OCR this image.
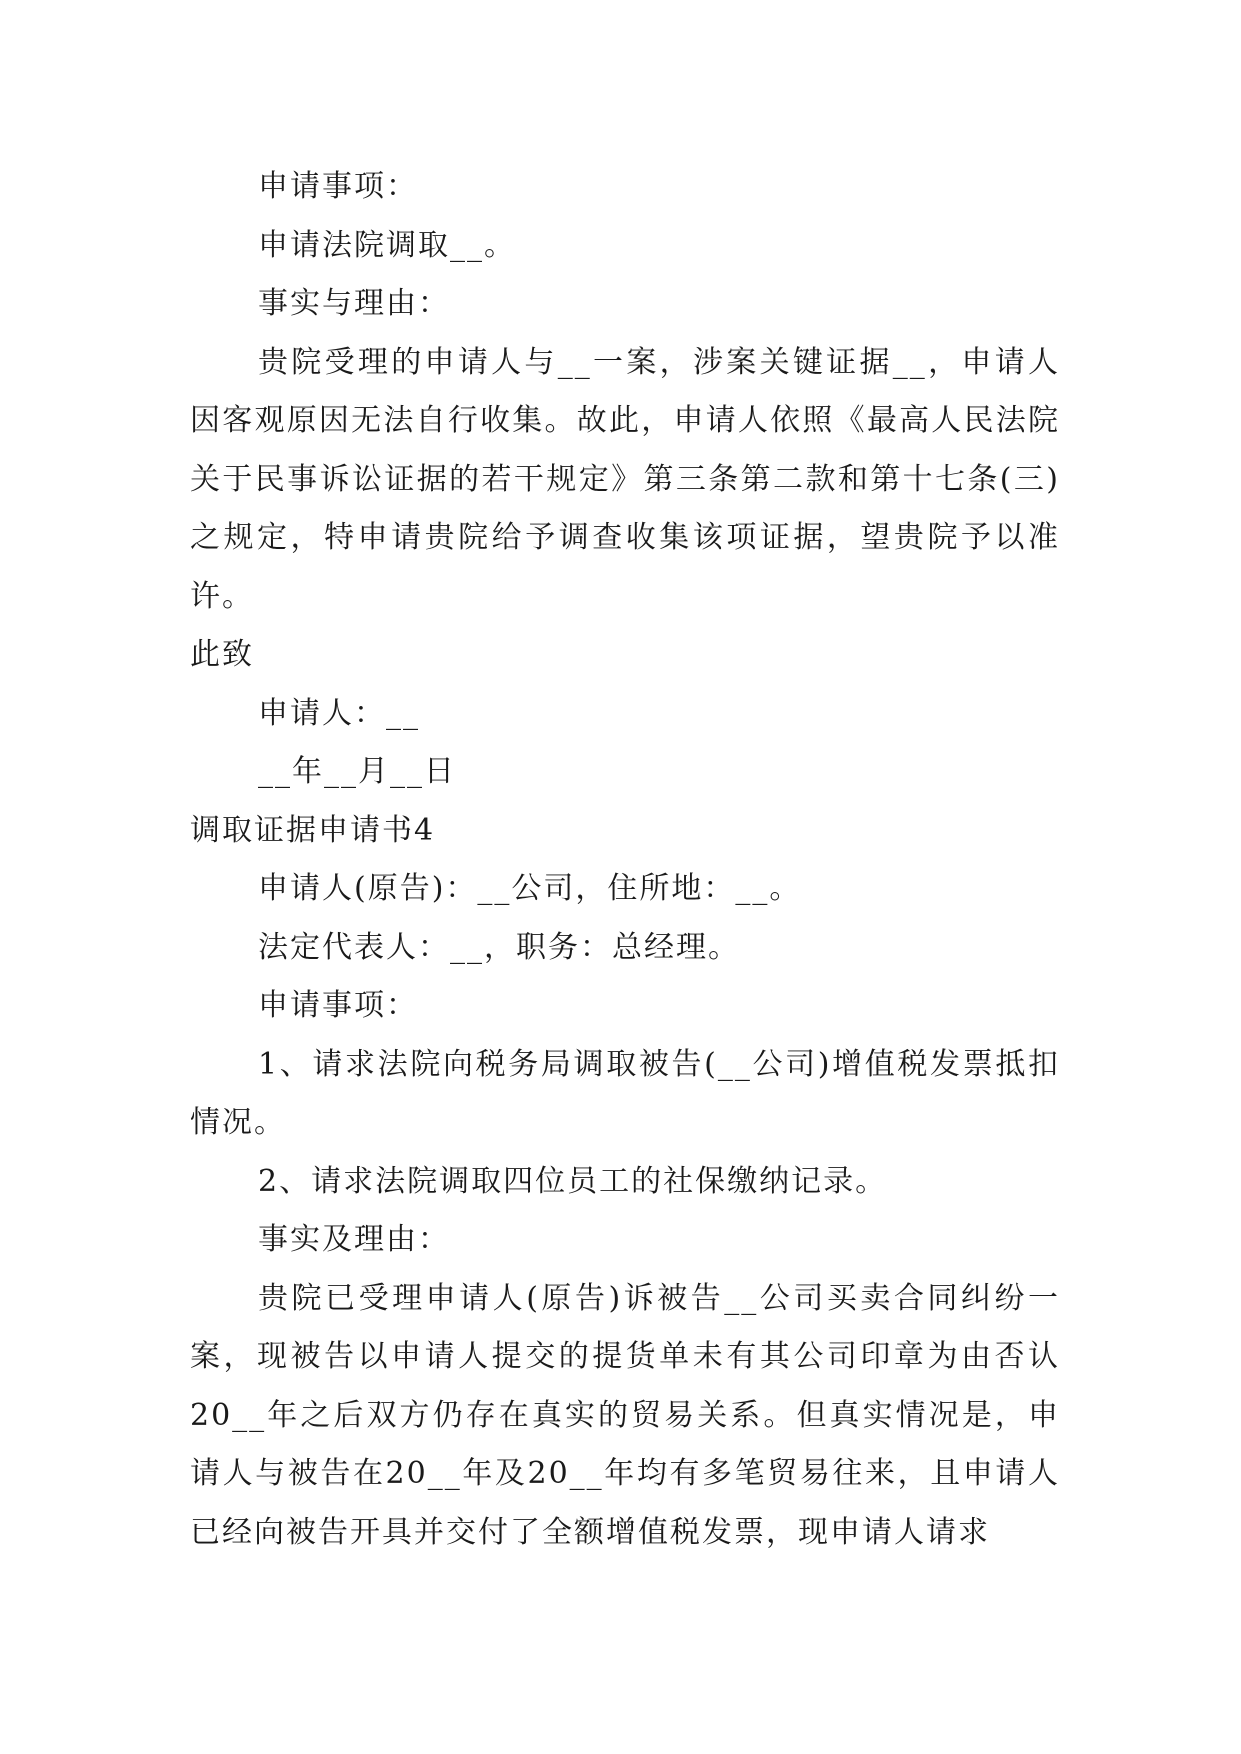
申请事项：

申请法院调取__。

事实与理由：

贵院受理的申请人与__一案，涉案关键证据__，申请人因客观原因无法自行收集。故此，申请人依照《最高人民法院关于民事诉讼证据的若干规定》第三条第二款和第十七条(三)之规定，特申请贵院给予调查收集该项证据，望贵院予以准许。

此致

申请人：__

__年__月__日

调取证据申请书4

申请人(原告)：__公司，住所地：__。

法定代表人：__，职务：总经理。

申请事项：

1、请求法院向税务局调取被告(__公司)增值税发票抵扣情况。

2、请求法院调取四位员工的社保缴纳记录。

事实及理由：

贵院已受理申请人(原告)诉被告__公司买卖合同纠纷一案，现被告以申请人提交的提货单未有其公司印章为由否认20__年之后双方仍存在真实的贸易关系。但真实情况是，申请人与被告在20__年及20__年均有多笔贸易往来，且申请人已经向被告开具并交付了全额增值税发票，现申请人请求
